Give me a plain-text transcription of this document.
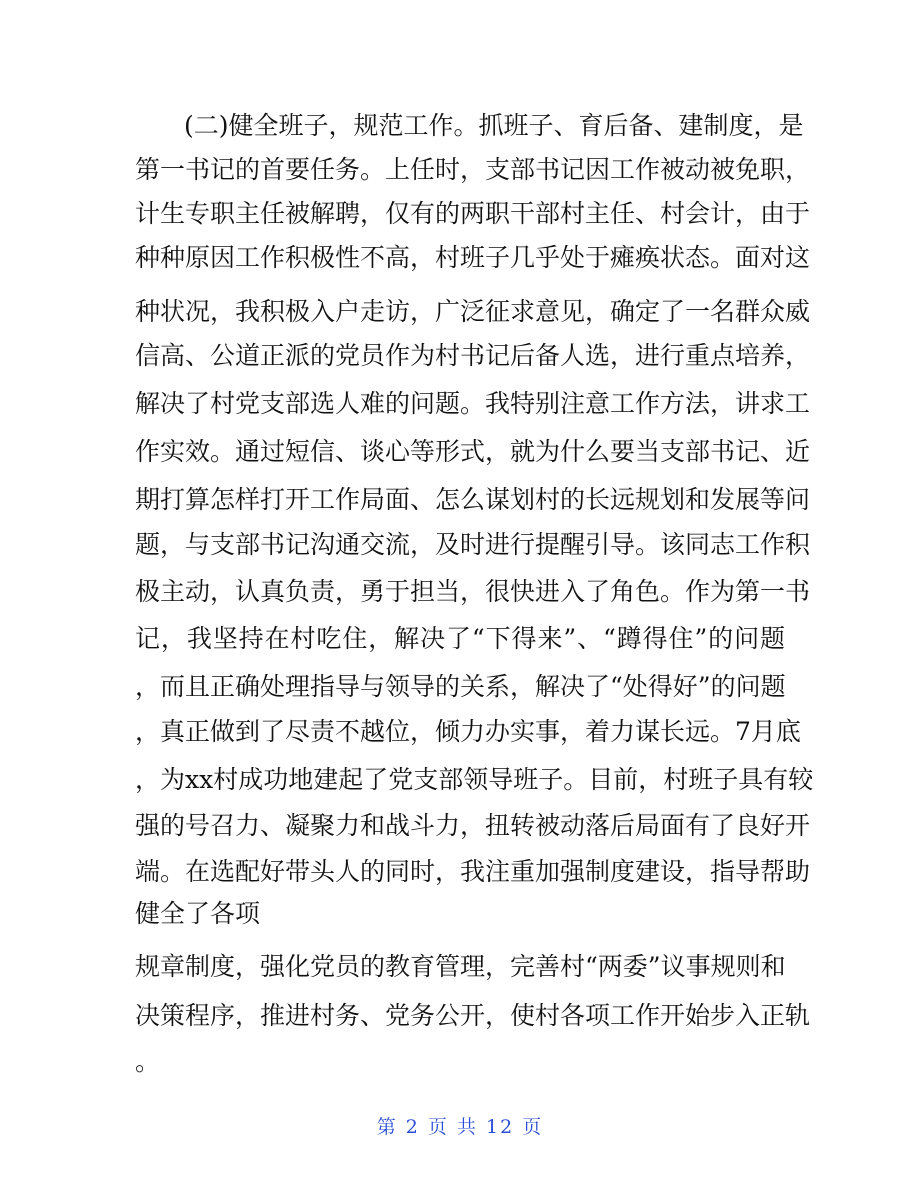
(二)健全班子，规范工作。抓班子、育后备、建制度，是
第一书记的首要任务。上任时，支部书记因工作被动被免职，
计生专职主任被解聘，仅有的两职干部村主任、村会计，由于
种种原因工作积极性不高，村班子几乎处于瘫痪状态。面对这
种状况，我积极入户走访，广泛征求意见，确定了一名群众威
信高、公道正派的党员作为村书记后备人选，进行重点培养，
解决了村党支部选人难的问题。我特别注意工作方法，讲求工
作实效。通过短信、谈心等形式，就为什么要当支部书记、近
期打算怎样打开工作局面、怎么谋划村的长远规划和发展等问
题，与支部书记沟通交流，及时进行提醒引导。该同志工作积
极主动，认真负责，勇于担当，很快进入了角色。作为第一书
记，我坚持在村吃住，解决了“下得来”、“蹲得住”的问题
，而且正确处理指导与领导的关系，解决了“处得好”的问题
，真正做到了尽责不越位，倾力办实事，着力谋长远。7月底
，为xx村成功地建起了党支部领导班子。目前，村班子具有较
强的号召力、凝聚力和战斗力，扭转被动落后局面有了良好开
端。在选配好带头人的同时，我注重加强制度建设，指导帮助
健全了各项
规章制度，强化党员的教育管理，完善村“两委”议事规则和
决策程序，推进村务、党务公开，使村各项工作开始步入正轨
。
第 2 页 共 12 页
